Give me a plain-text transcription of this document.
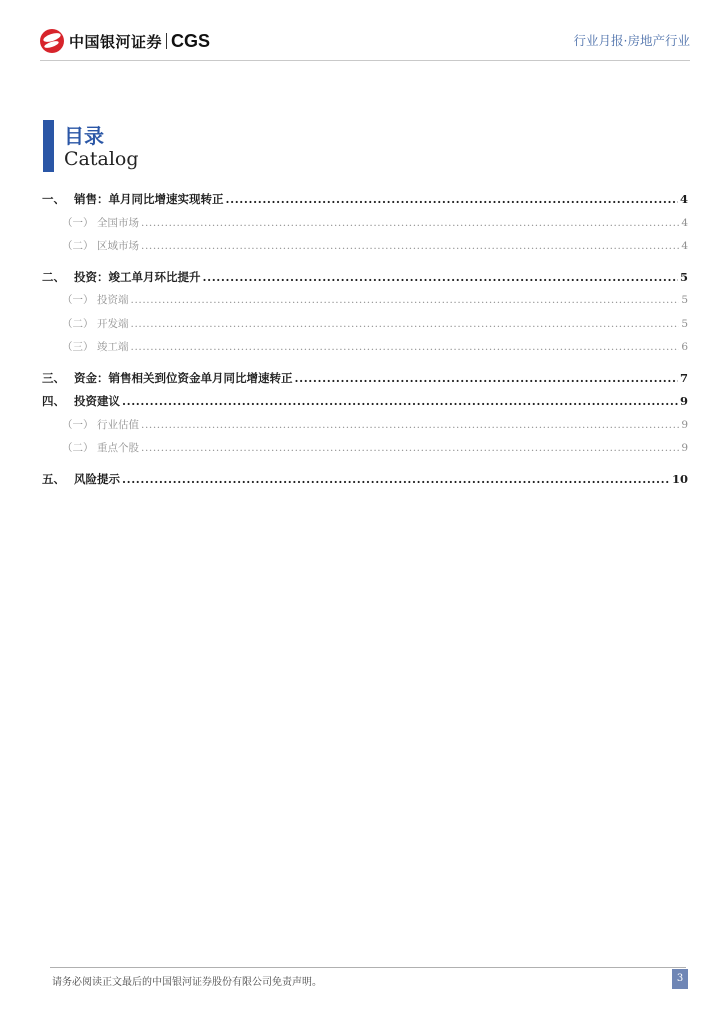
中国银河证券 CGS	行业月报·房地产行业
目录
Catalog
一、 销售：单月同比增速实现转正 .....	4
（一） 全国市场 .....	4
（二） 区域市场 .....	4
二、 投资：竣工单月环比提升 .....	5
（一） 投资端 .....	5
（二） 开发端 .....	5
（三） 竣工端 .....	6
三、 资金：销售相关到位资金单月同比增速转正 .....	7
四、 投资建议 .....	9
（一） 行业估值 .....	9
（二） 重点个股 .....	9
五、 风险提示 .....	10
请务必阅读正文最后的中国银河证券股份有限公司免责声明。	3
